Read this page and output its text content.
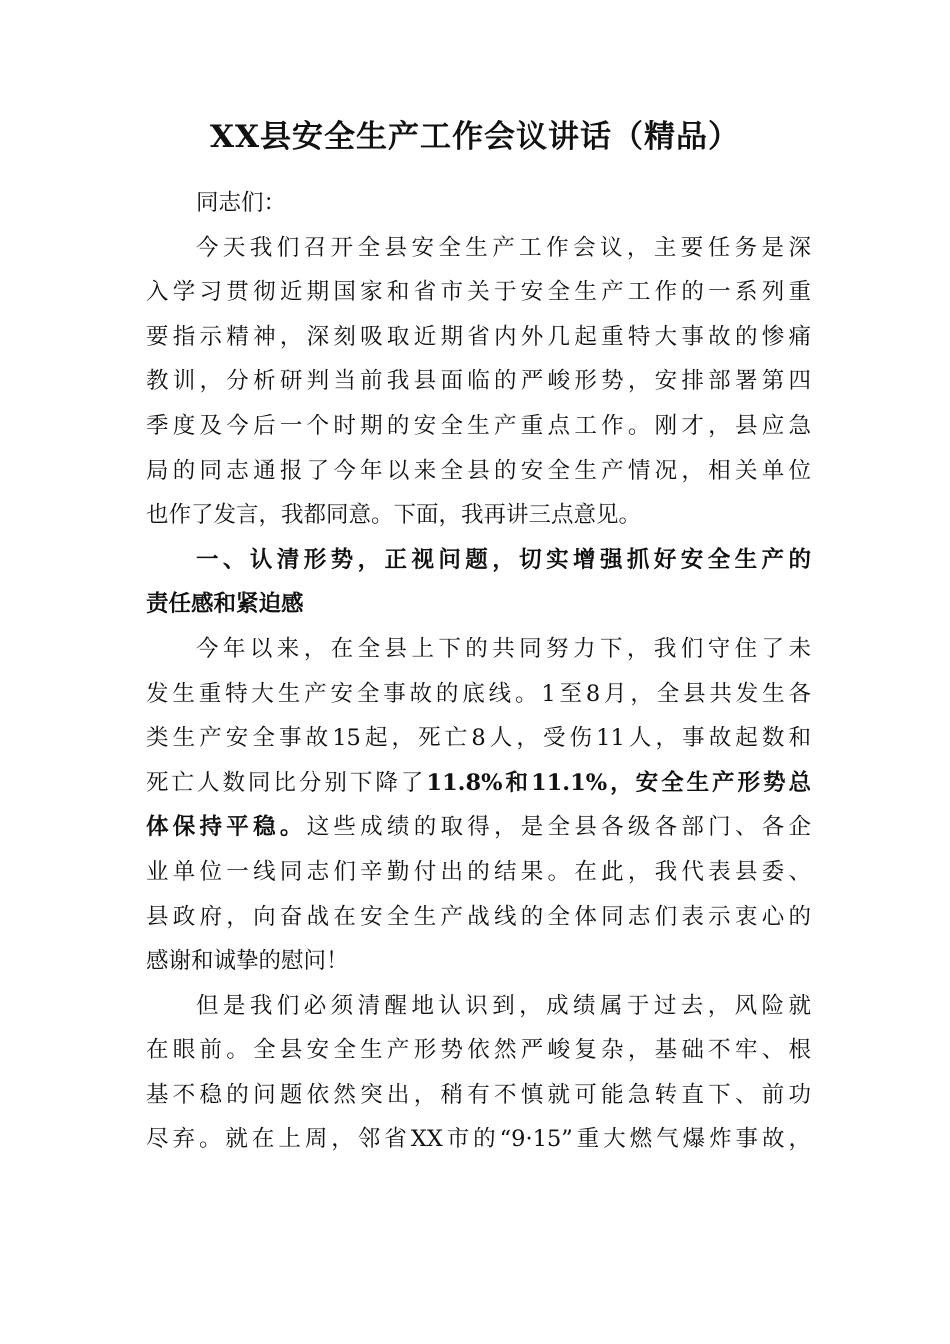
XX县安全生产工作会议讲话（精品）
同志们：
今天我们召开全县安全生产工作会议，主要任务是深
入学习贯彻近期国家和省市关于安全生产工作的一系列重
要指示精神，深刻吸取近期省内外几起重特大事故的惨痛
教训，分析研判当前我县面临的严峻形势，安排部署第四
季度及今后一个时期的安全生产重点工作。刚才，县应急
局的同志通报了今年以来全县的安全生产情况，相关单位
也作了发言，我都同意。下面，我再讲三点意见。
一、认清形势，正视问题，切实增强抓好安全生产的
责任感和紧迫感
今年以来，在全县上下的共同努力下，我们守住了未
发生重特大生产安全事故的底线。1至8月，全县共发生各
类生产安全事故15起，死亡8人，受伤11人，事故起数和
死亡人数同比分别下降了11.8%和11.1%，安全生产形势总
体保持平稳。这些成绩的取得，是全县各级各部门、各企
业单位一线同志们辛勤付出的结果。在此，我代表县委、
县政府，向奋战在安全生产战线的全体同志们表示衷心的
感谢和诚挚的慰问！
但是我们必须清醒地认识到，成绩属于过去，风险就
在眼前。全县安全生产形势依然严峻复杂，基础不牢、根
基不稳的问题依然突出，稍有不慎就可能急转直下、前功
尽弃。就在上周，邻省XX市的“9·15”重大燃气爆炸事故，
